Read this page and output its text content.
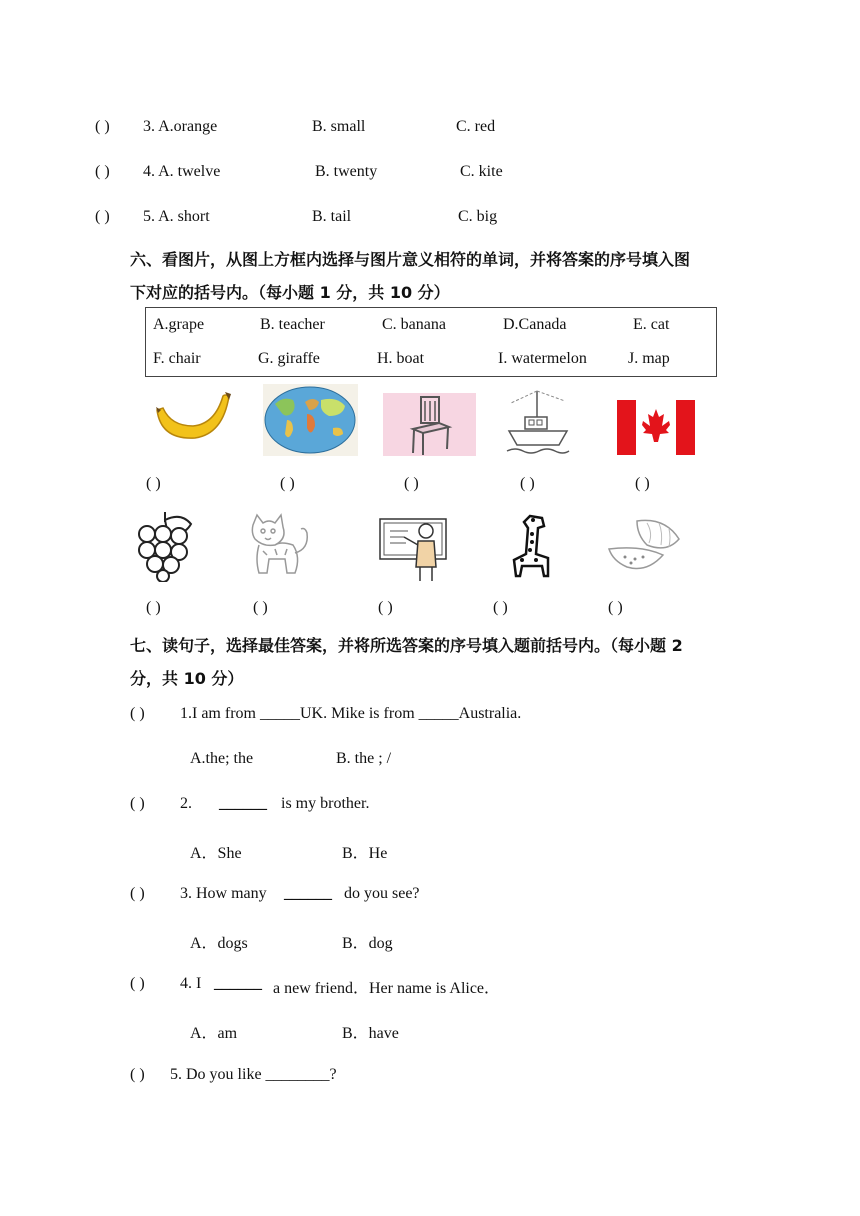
( ) 3. A.orange	B. small	C. red
( ) 4. A. twelve	B. twenty	C. kite
( ) 5. A. short	B. tail	C. big
六、看图片，从图上方框内选择与图片意义相符的单词，并将答案的序号填入图
下对应的括号内。（每小题 1 分，共 10 分）
A.grape	B. teacher	C. banana	D.Canada	E. cat
F. chair	G. giraffe	H. boat	I. watermelon	J. map
( )	( )	( )	( )	( )
( )	( )	( )	( )	( )
七、读句子，选择最佳答案，并将所选答案的序号填入题前括号内。（每小题 2
分，共 10 分）
( ) 1.I am from _____UK. Mike is from _____Australia.
A.the; the	B. the ; /
( ) 2. ______ is my brother.
A．She	B．He
( ) 3. How many ______ do you see?
A．dogs	B．dog
( ) 4. I ______ a new friend．Her name is Alice．
A．am	B．have
( ) 5. Do you like ________?
